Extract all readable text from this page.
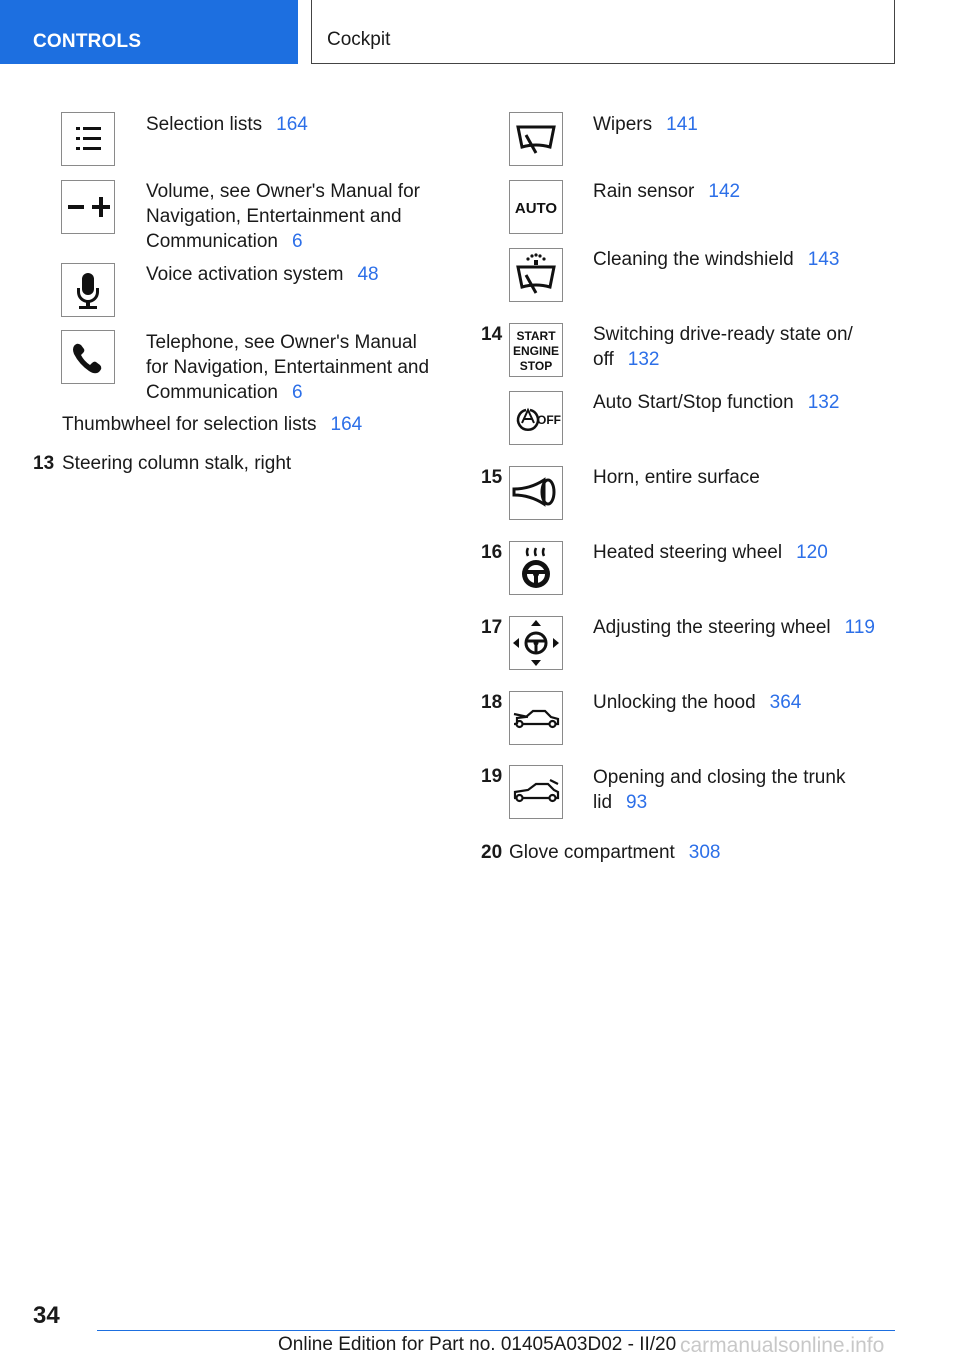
CONTROLS	Cockpit
Selection lists 164
Volume, see Owner's Manual for
Navigation, Entertainment and
Communication 6
Voice activation system 48
Telephone, see Owner's Manual
for Navigation, Entertainment and
Communication 6
Thumbwheel for selection lists 164
13 Steering column stalk, right
Wipers 141
AUTO
Rain sensor 142
Cleaning the windshield 143
14 START
ENGINE
STOP
Switching drive-ready state on/
off 132
OFF
Auto Start/Stop function 132
15	Horn, entire surface
16	Heated steering wheel 120
17	Adjusting the steering wheel 119
18	Unlocking the hood 364
19	Opening and closing the trunk
lid 93
20 Glove compartment 308
34
Online Edition for Part no. 01405A03D02 - II/20 carmanualsonline.info
